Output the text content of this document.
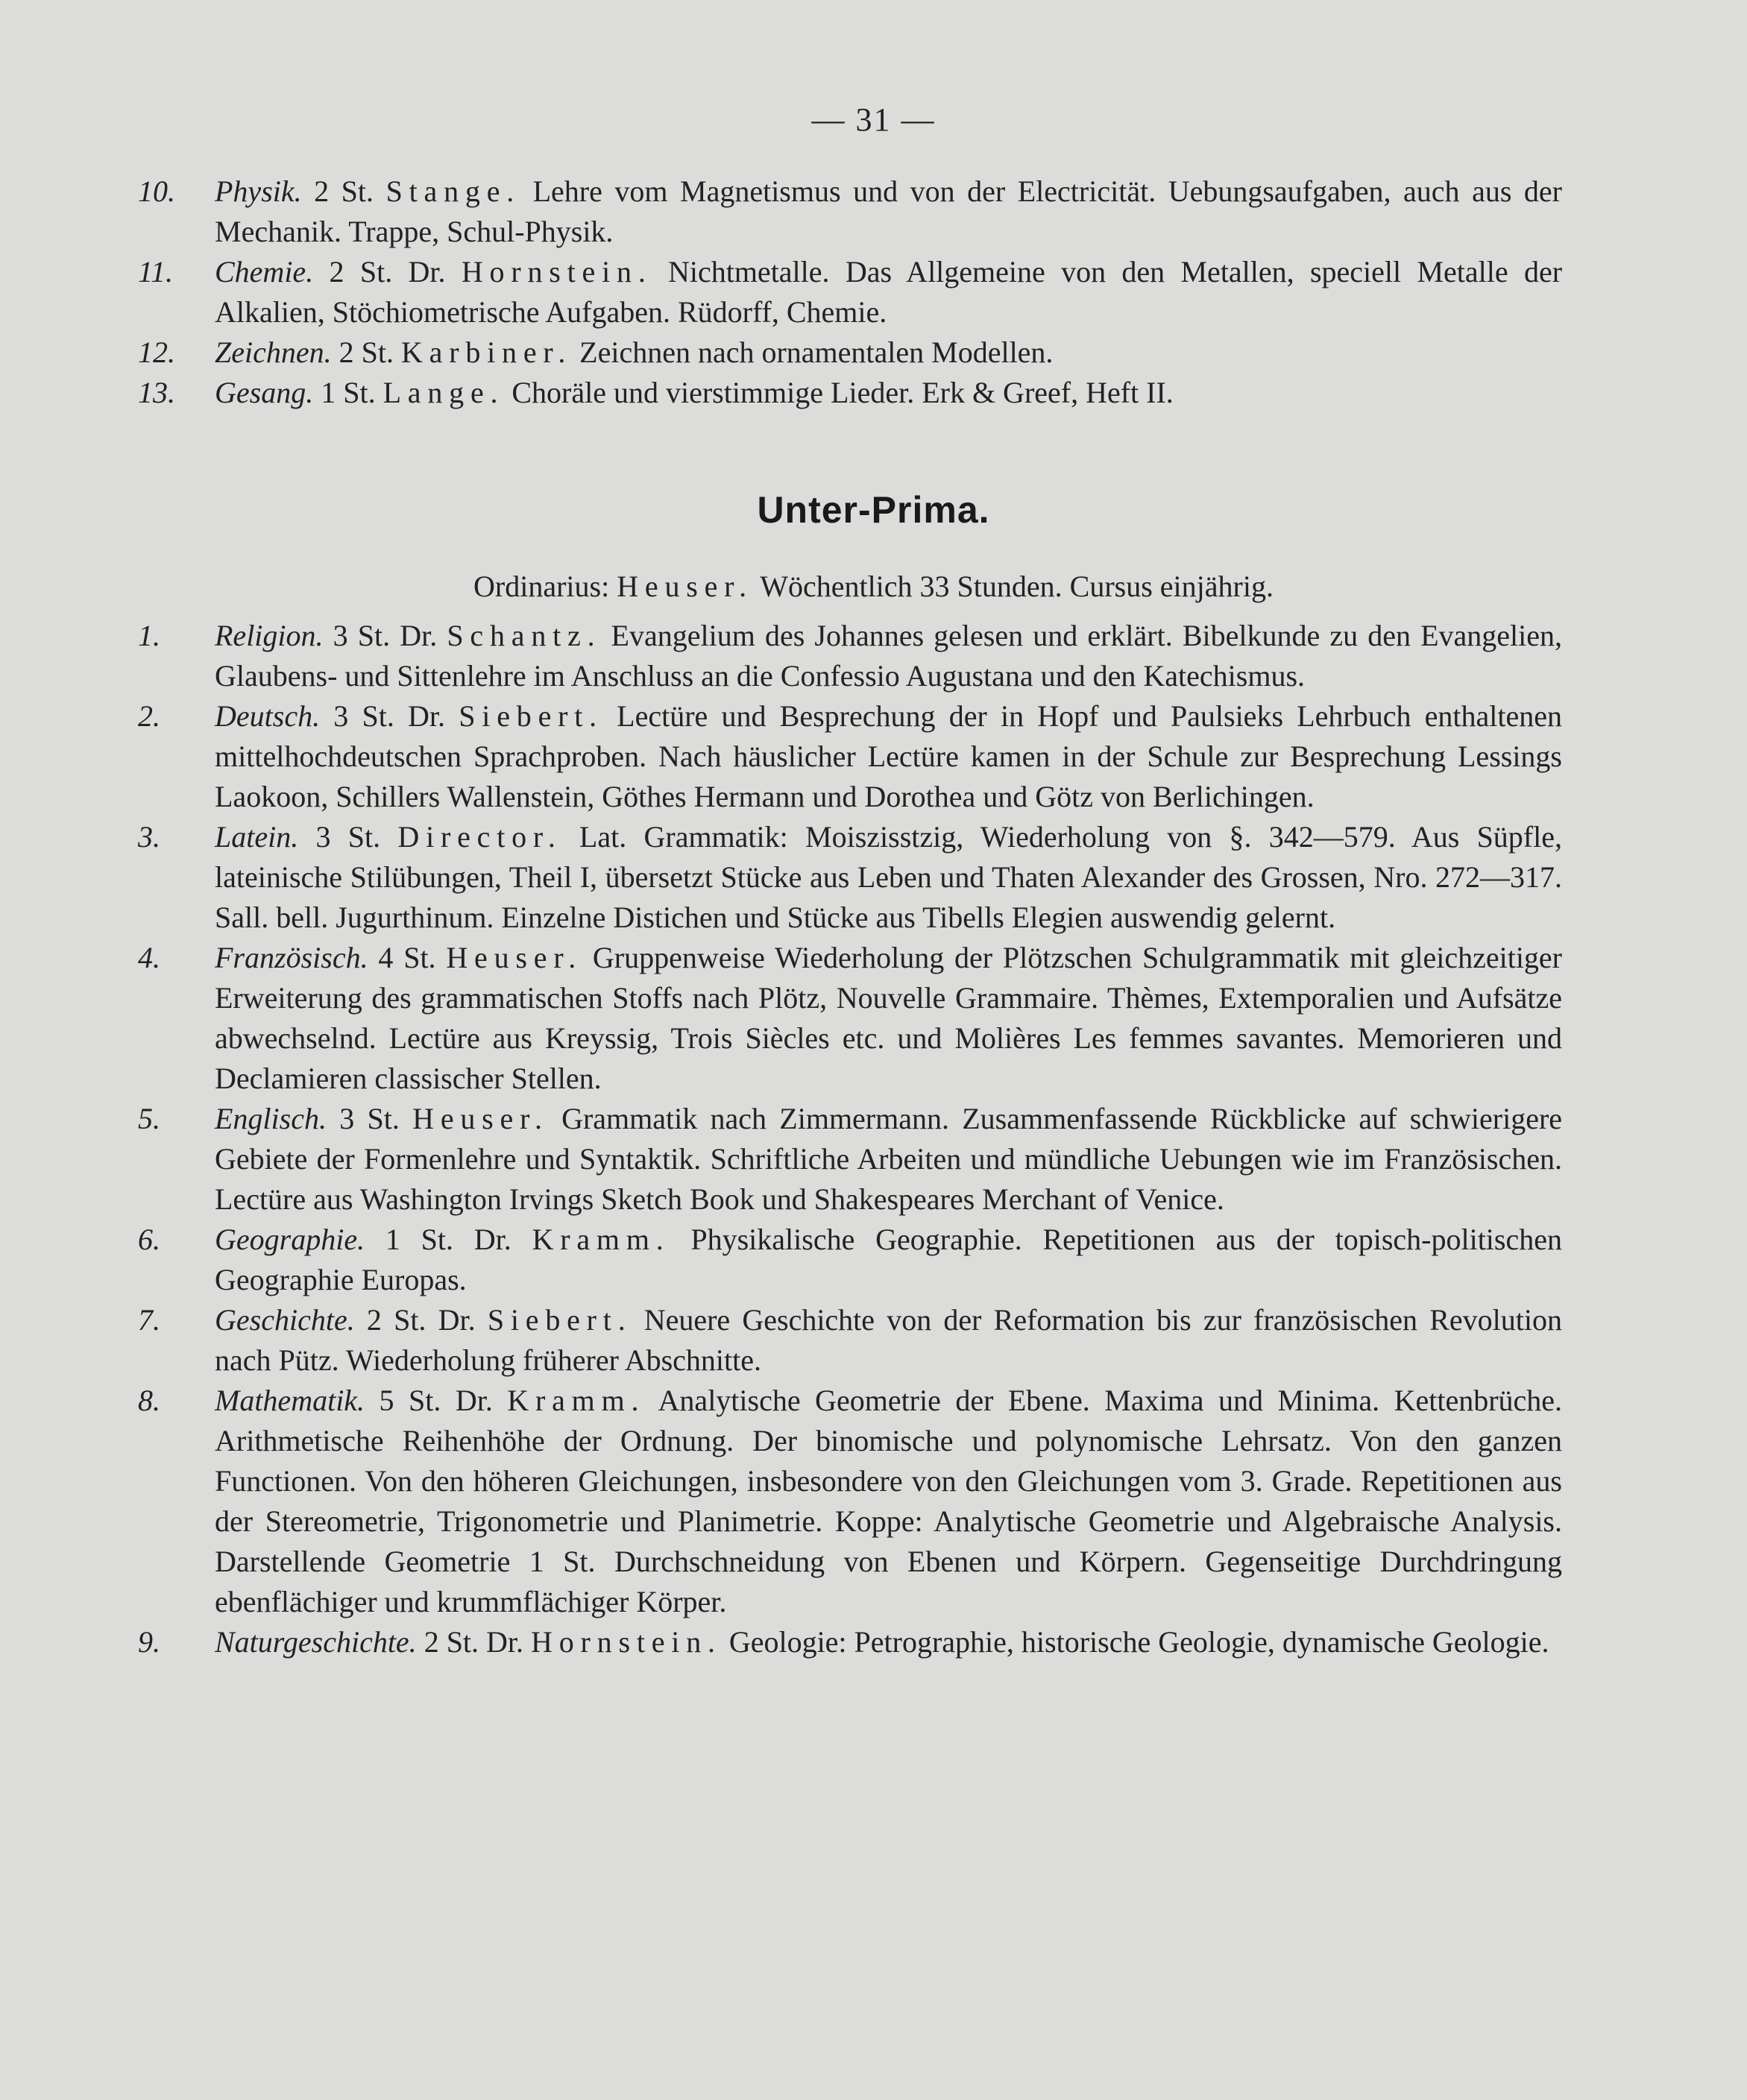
— 31 —
10. Physik. 2 St. Stange. Lehre vom Magnetismus und von der Electricität. Uebungsaufgaben, auch aus der Mechanik. Trappe, Schul-Physik.
11. Chemie. 2 St. Dr. Hornstein. Nichtmetalle. Das Allgemeine von den Metallen, speciell Metalle der Alkalien, Stöchiometrische Aufgaben. Rüdorff, Chemie.
12. Zeichnen. 2 St. Karbiner. Zeichnen nach ornamentalen Modellen.
13. Gesang. 1 St. Lange. Choräle und vierstimmige Lieder. Erk & Greef, Heft II.
Unter-Prima.
Ordinarius: Heuser. Wöchentlich 33 Stunden. Cursus einjährig.
1. Religion. 3 St. Dr. Schantz. Evangelium des Johannes gelesen und erklärt. Bibelkunde zu den Evangelien, Glaubens- und Sittenlehre im Anschluss an die Confessio Augustana und den Katechismus.
2. Deutsch. 3 St. Dr. Siebert. Lectüre und Besprechung der in Hopf und Paulsieks Lehrbuch enthaltenen mittelhochdeutschen Sprachproben. Nach häuslicher Lectüre kamen in der Schule zur Besprechung Lessings Laokoon, Schillers Wallenstein, Göthes Hermann und Dorothea und Götz von Berlichingen.
3. Latein. 3 St. Director. Lat. Grammatik: Moiszisstzig, Wiederholung von §. 342—579. Aus Süpfle, lateinische Stilübungen, Theil I, übersetzt Stücke aus Leben und Thaten Alexander des Grossen, Nro. 272—317. Sall. bell. Jugurthinum. Einzelne Distichen und Stücke aus Tibells Elegien auswendig gelernt.
4. Französisch. 4 St. Heuser. Gruppenweise Wiederholung der Plötzschen Schulgrammatik mit gleichzeitiger Erweiterung des grammatischen Stoffs nach Plötz, Nouvelle Grammaire. Thèmes, Extemporalien und Aufsätze abwechselnd. Lectüre aus Kreyssig, Trois Siècles etc. und Molières Les femmes savantes. Memorieren und Declamieren classischer Stellen.
5. Englisch. 3 St. Heuser. Grammatik nach Zimmermann. Zusammenfassende Rückblicke auf schwierigere Gebiete der Formenlehre und Syntaktik. Schriftliche Arbeiten und mündliche Uebungen wie im Französischen. Lectüre aus Washington Irvings Sketch Book und Shakespeares Merchant of Venice.
6. Geographie. 1 St. Dr. Kramm. Physikalische Geographie. Repetitionen aus der topisch-politischen Geographie Europas.
7. Geschichte. 2 St. Dr. Siebert. Neuere Geschichte von der Reformation bis zur französischen Revolution nach Pütz. Wiederholung früherer Abschnitte.
8. Mathematik. 5 St. Dr. Kramm. Analytische Geometrie der Ebene. Maxima und Minima. Kettenbrüche. Arithmetische Reihenhöhe der Ordnung. Der binomische und polynomische Lehrsatz. Von den ganzen Functionen. Von den höheren Gleichungen, insbesondere von den Gleichungen vom 3. Grade. Repetitionen aus der Stereometrie, Trigonometrie und Planimetrie. Koppe: Analytische Geometrie und Algebraische Analysis. Darstellende Geometrie 1 St. Durchschneidung von Ebenen und Körpern. Gegenseitige Durchdringung ebenflächiger und krummflächiger Körper.
9. Naturgeschichte. 2 St. Dr. Hornstein. Geologie: Petrographie, historische Geologie, dynamische Geologie.
